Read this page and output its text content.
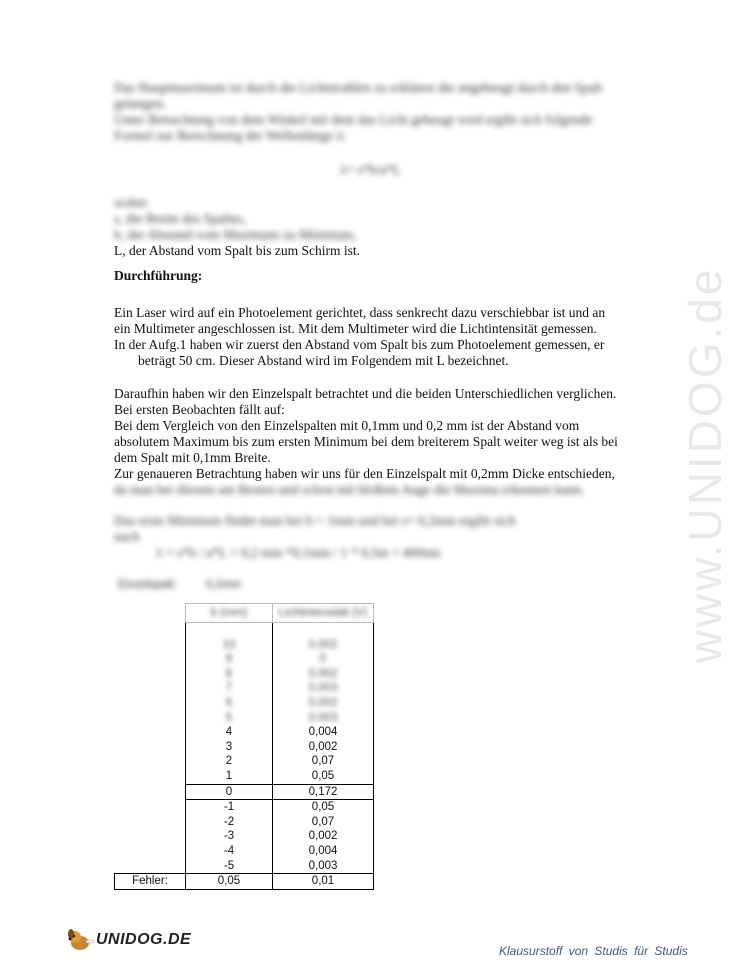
Das Hauptmaximum ist durch die Lichtstrahlen zu erklären die ungebeugt durch den Spalt
gelangen.
Unter Betrachtung von dem Winkel mit dem das Licht gebeugt wird ergibt sich folgende
Formel zur Berechnung der Wellenlänge λ:
λ= s*b/a*L
wobei
s, die Breite des Spaltes,
b, der Abstand vom Maximum zu Minimum,
L, der Abstand vom Spalt bis zum Schirm ist.
Durchführung:
Ein Laser wird auf ein Photoelement gerichtet, dass senkrecht dazu verschiebbar ist und an
ein Multimeter angeschlossen ist. Mit dem Multimeter wird die Lichtintensität gemessen.
In der Aufg.1 haben wir zuerst den Abstand vom Spalt bis zum Photoelement gemessen, er
beträgt 50 cm. Dieser Abstand wird im Folgendem mit L bezeichnet.
Daraufhin haben wir den Einzelspalt betrachtet und die beiden Unterschiedlichen verglichen.
Bei ersten Beobachten fällt auf:
Bei dem Vergleich von den Einzelspalten mit 0,1mm und 0,2 mm ist der Abstand vom
absolutem Maximum bis zum ersten Minimum bei dem breiterem Spalt weiter weg ist als bei
dem Spalt mit 0,1mm Breite.
Zur genaueren Betrachtung haben wir uns für den Einzelspalt mit 0,2mm Dicke entschieden,
da man bei diesem am Besten und schon mit bloßem Auge die Maxima erkennen kann.
Das erste Minimum findet man bei b = 1mm und bei s= 0,2mm ergibt sich
nach
λ = s*b / a*L = 0,2 mm *0,1mm / 1 * 0,5m = 400nm
Einzelspalt:	0,2mm
	b (mm)	Lichtintensität (V)

	10	0,002
	9	0
	8	0,002
	7	0,003
	6	0,002
	5	0,003
	4	0,004
	3	0,002
	2	0,07
	1	0,05
	0	0,172
	-1	0,05
	-2	0,07
	-3	0,002
	-4	0,004
	-5	0,003
Fehler:	0,05	0,01
www.UNIDOG.de
UNIDOG.DE
Klausurstoff von Studis für Studis
